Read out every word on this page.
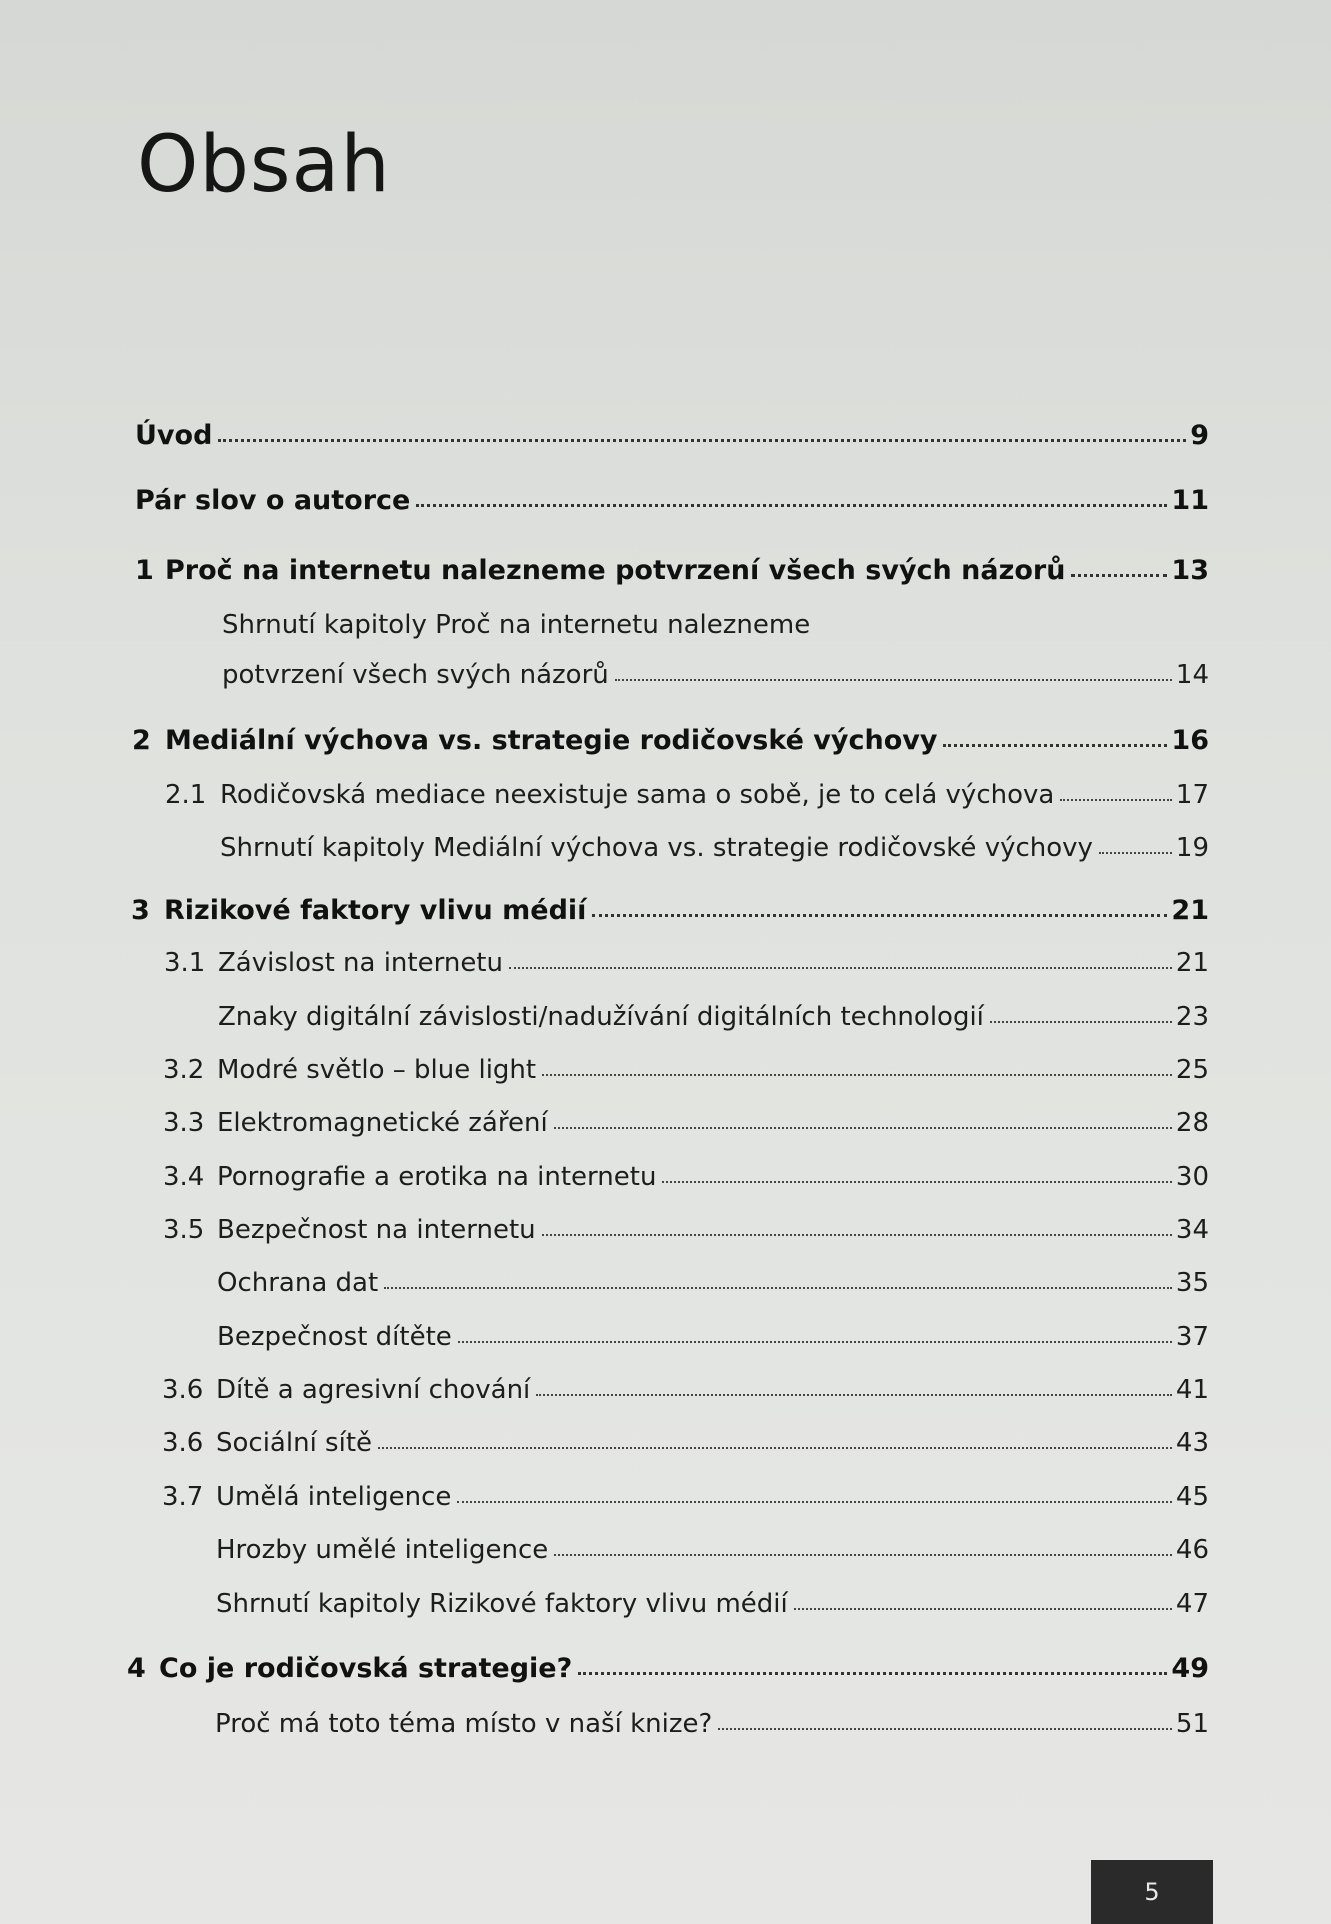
Obsah
Úvod	9
Pár slov o autorce	11
1 Proč na internetu nalezneme potvrzení všech svých názorů	13
Shrnutí kapitoly Proč na internetu nalezneme
potvrzení všech svých názorů	14
2 Mediální výchova vs. strategie rodičovské výchovy	16
2.1 Rodičovská mediace neexistuje sama o sobě, je to celá výchova	17
Shrnutí kapitoly Mediální výchova vs. strategie rodičovské výchovy	19
3 Rizikové faktory vlivu médií	21
3.1 Závislost na internetu	21
Znaky digitální závislosti/nadužívání digitálních technologií	23
3.2 Modré světlo – blue light	25
3.3 Elektromagnetické záření	28
3.4 Pornografie a erotika na internetu	30
3.5 Bezpečnost na internetu	34
Ochrana dat	35
Bezpečnost dítěte	37
3.6 Dítě a agresivní chování	41
3.6 Sociální sítě	43
3.7 Umělá inteligence	45
Hrozby umělé inteligence	46
Shrnutí kapitoly Rizikové faktory vlivu médií	47
4 Co je rodičovská strategie?	49
Proč má toto téma místo v naší knize?	51
5
